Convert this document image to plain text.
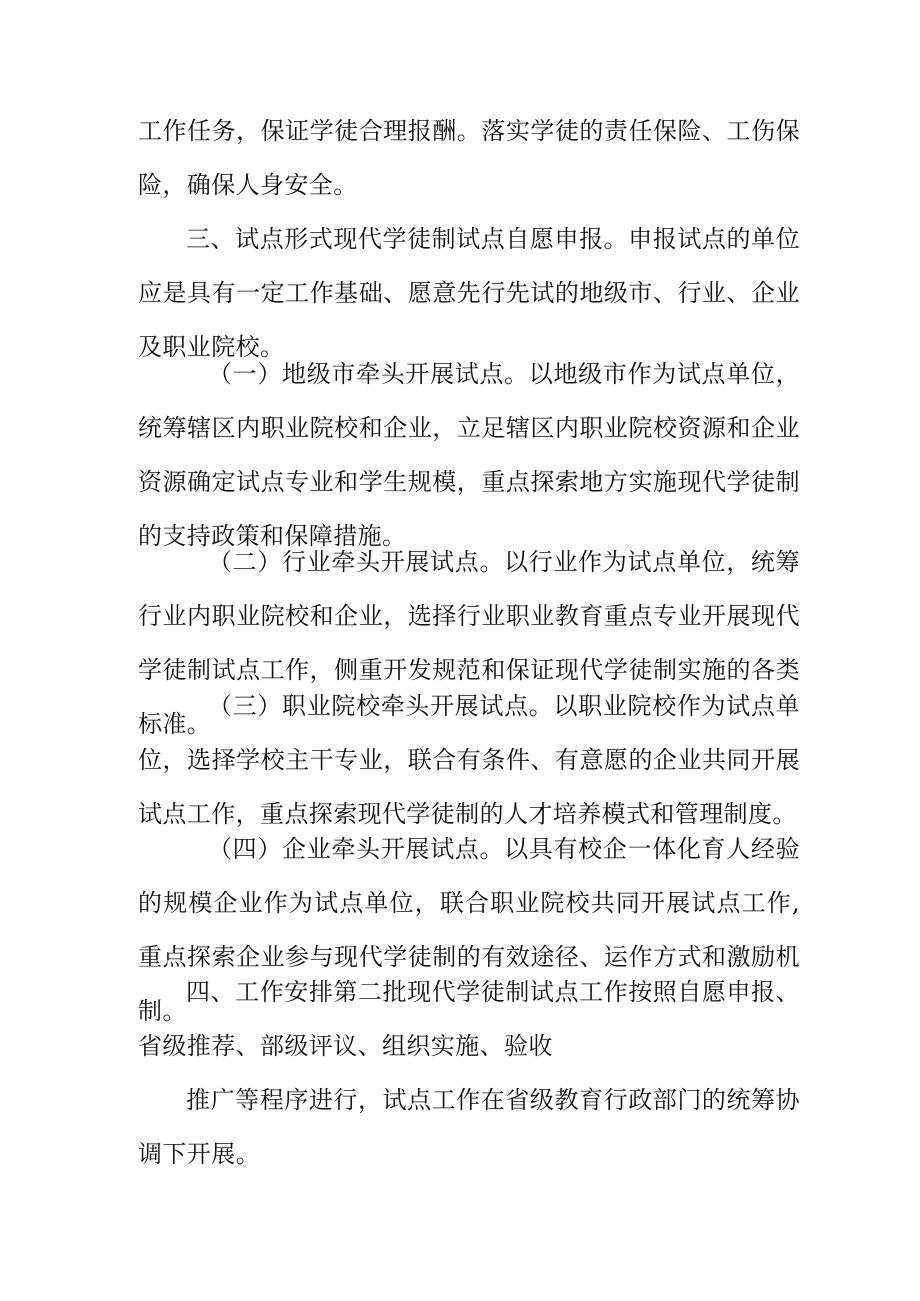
工作任务，保证学徒合理报酬。落实学徒的责任保险、工伤保险，确保人身安全。

三、试点形式现代学徒制试点自愿申报。申报试点的单位应是具有一定工作基础、愿意先行先试的地级市、行业、企业及职业院校。

（一）地级市牵头开展试点。以地级市作为试点单位，统筹辖区内职业院校和企业，立足辖区内职业院校资源和企业资源确定试点专业和学生规模，重点探索地方实施现代学徒制的支持政策和保障措施。

（二）行业牵头开展试点。以行业作为试点单位，统筹行业内职业院校和企业，选择行业职业教育重点专业开展现代学徒制试点工作，侧重开发规范和保证现代学徒制实施的各类标准。

（三）职业院校牵头开展试点。以职业院校作为试点单位，选择学校主干专业，联合有条件、有意愿的企业共同开展试点工作，重点探索现代学徒制的人才培养模式和管理制度。

（四）企业牵头开展试点。以具有校企一体化育人经验的规模企业作为试点单位，联合职业院校共同开展试点工作,重点探索企业参与现代学徒制的有效途径、运作方式和激励机制。

四、工作安排第二批现代学徒制试点工作按照自愿申报、省级推荐、部级评议、组织实施、验收

推广等程序进行，试点工作在省级教育行政部门的统筹协调下开展。
